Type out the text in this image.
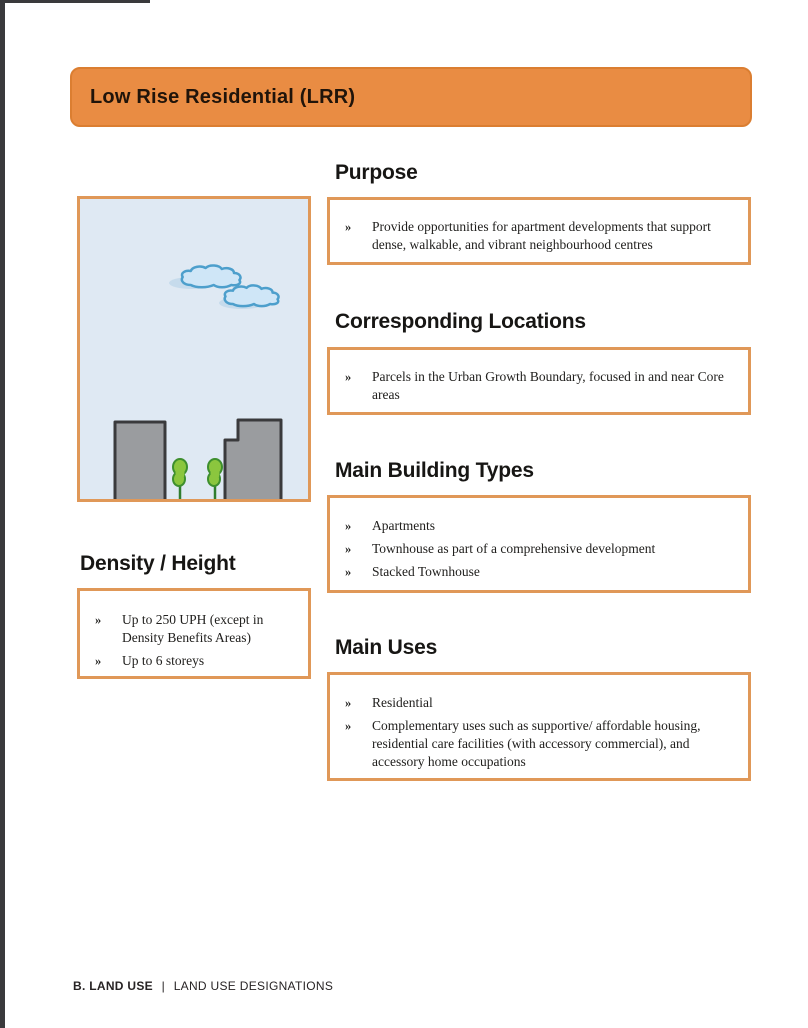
Low Rise Residential (LRR)
Purpose
»	Provide opportunities for apartment developments that support dense, walkable, and vibrant neighbourhood centres
Corresponding Locations
»	Parcels in the Urban Growth Boundary, focused in and near Core areas
Main Building Types
»	Apartments
»	Townhouse as part of a comprehensive development
»	Stacked Townhouse
Density / Height
»	Up to 250 UPH (except in Density Benefits Areas)
»	Up to 6 storeys
Main Uses
»	Residential
»	Complementary uses such as supportive/ affordable housing, residential care facilities (with accessory commercial), and accessory home occupations
B. LAND USE | LAND USE DESIGNATIONS
